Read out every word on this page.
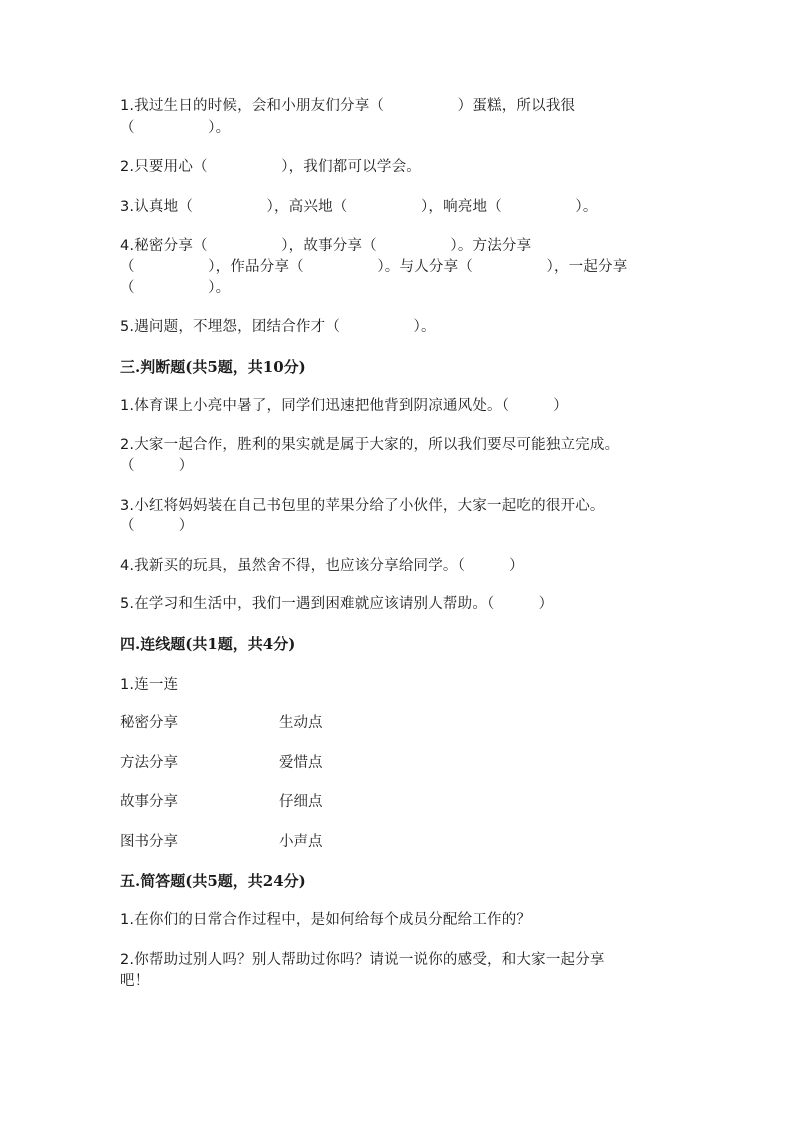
1.我过生日的时候，会和小朋友们分享（　　　　　）蛋糕，所以我很
（　　　　　）。
2.只要用心（　　　　　），我们都可以学会。
3.认真地（　　　　　），高兴地（　　　　　），响亮地（　　　　　）。
4.秘密分享（　　　　　），故事分享（　　　　　）。方法分享
（　　　　　），作品分享（　　　　　）。与人分享（　　　　　），一起分享
（　　　　　）。
5.遇问题，不埋怨，团结合作才（　　　　　）。
三.判断题(共5题，共10分)
1.体育课上小亮中暑了，同学们迅速把他背到阴凉通风处。（　　　）
2.大家一起合作，胜利的果实就是属于大家的，所以我们要尽可能独立完成。
（　　　）
3.小红将妈妈装在自己书包里的苹果分给了小伙伴，大家一起吃的很开心。
（　　　）
4.我新买的玩具，虽然舍不得，也应该分享给同学。（　　　）
5.在学习和生活中，我们一遇到困难就应该请别人帮助。（　　　）
四.连线题(共1题，共4分)
1.连一连
秘密分享	生动点
方法分享	爱惜点
故事分享	仔细点
图书分享	小声点
五.简答题(共5题，共24分)
1.在你们的日常合作过程中，是如何给每个成员分配给工作的？
2.你帮助过别人吗？别人帮助过你吗？请说一说你的感受，和大家一起分享
吧！
